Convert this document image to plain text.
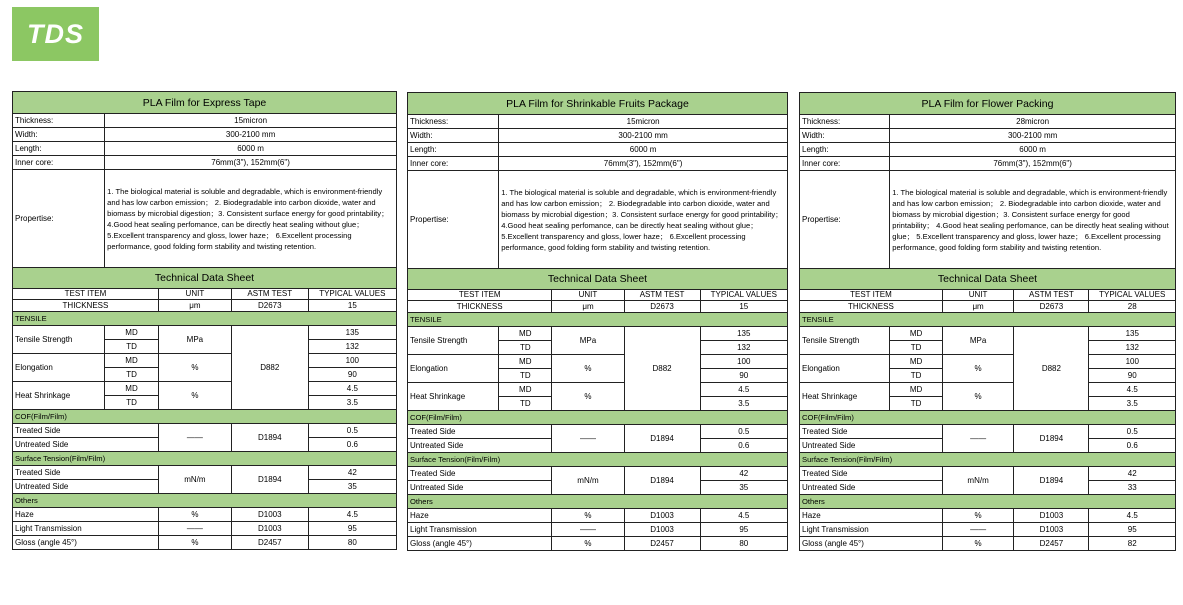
TDS
PLA Film for Express Tape				
Thickness:	15micron			
Width:	300-2100 mm			
Length:	6000 m			
Inner core:	76mm(3"), 152mm(6")			
Propertise:	1. The biological material is soluble and degradable, which is environment-friendly and has low carbon emission； 2. Biodegradable into carbon dioxide, water and biomass by microbial digestion；3. Consistent surface energy for good printability； 4.Good heat sealing perfomance, can be directly heat sealing without glue； 5.Excellent transparency and gloss, lower haze； 6.Excellent processing performance, good folding form stability and twisting retention.			
Technical Data Sheet				
TEST ITEM		UNIT	ASTM TEST	TYPICAL VALUES
THICKNESS		μm	D2673	15
TENSILE				
Tensile Strength	MD	MPa	D882	135
	TD			132
Elongation	MD	%		100
	TD			90
Heat Shrinkage	MD	%		4.5
	TD			3.5
COF(Film/Film)				
Treated Side		——	D1894	0.5
Untreated Side				0.6
Surface Tension(Film/Film)				
Treated Side		mN/m	D1894	42
Untreated Side				35
Others				
Haze		%	D1003	4.5
Light Transmission		——	D1003	95
Gloss (angle 45°)		%	D2457	80
PLA Film for Shrinkable Fruits Package				
Thickness:	15micron			
Width:	300-2100 mm			
Length:	6000 m			
Inner core:	76mm(3"), 152mm(6")			
Propertise:	1. The biological material is soluble and degradable, which is environment-friendly and has low carbon emission； 2. Biodegradable into carbon dioxide, water and biomass by microbial digestion；3. Consistent surface energy for good printability； 4.Good heat sealing perfomance, can be directly heat sealing without glue； 5.Excellent transparency and gloss, lower haze； 6.Excellent processing performance, good folding form stability and twisting retention.			
Technical Data Sheet				
TEST ITEM		UNIT	ASTM TEST	TYPICAL VALUES
THICKNESS		μm	D2673	15
TENSILE				
Tensile Strength	MD	MPa	D882	135
	TD			132
Elongation	MD	%		100
	TD			90
Heat Shrinkage	MD	%		4.5
	TD			3.5
COF(Film/Film)				
Treated Side		——	D1894	0.5
Untreated Side				0.6
Surface Tension(Film/Film)				
Treated Side		mN/m	D1894	42
Untreated Side				35
Others				
Haze		%	D1003	4.5
Light Transmission		——	D1003	95
Gloss (angle 45°)		%	D2457	80
PLA Film for Flower Packing				
Thickness:	28micron			
Width:	300-2100 mm			
Length:	6000 m			
Inner core:	76mm(3"), 152mm(6")			
Propertise:	1. The biological material is soluble and degradable, which is environment-friendly and has low carbon emission； 2. Biodegradable into carbon dioxide, water and biomass by microbial digestion；3. Consistent surface energy for good printability； 4.Good heat sealing perfomance, can be directly heat sealing without glue； 5.Excellent transparency and gloss, lower haze； 6.Excellent processing performance, good folding form stability and twisting retention.			
Technical Data Sheet				
TEST ITEM		UNIT	ASTM TEST	TYPICAL VALUES
THICKNESS		μm	D2673	28
TENSILE				
Tensile Strength	MD	MPa	D882	135
	TD			132
Elongation	MD	%		100
	TD			90
Heat Shrinkage	MD	%		4.5
	TD			3.5
COF(Film/Film)				
Treated Side		——	D1894	0.5
Untreated Side				0.6
Surface Tension(Film/Film)				
Treated Side		mN/m	D1894	42
Untreated Side				33
Others				
Haze		%	D1003	4.5
Light Transmission		——	D1003	95
Gloss (angle 45°)		%	D2457	82
